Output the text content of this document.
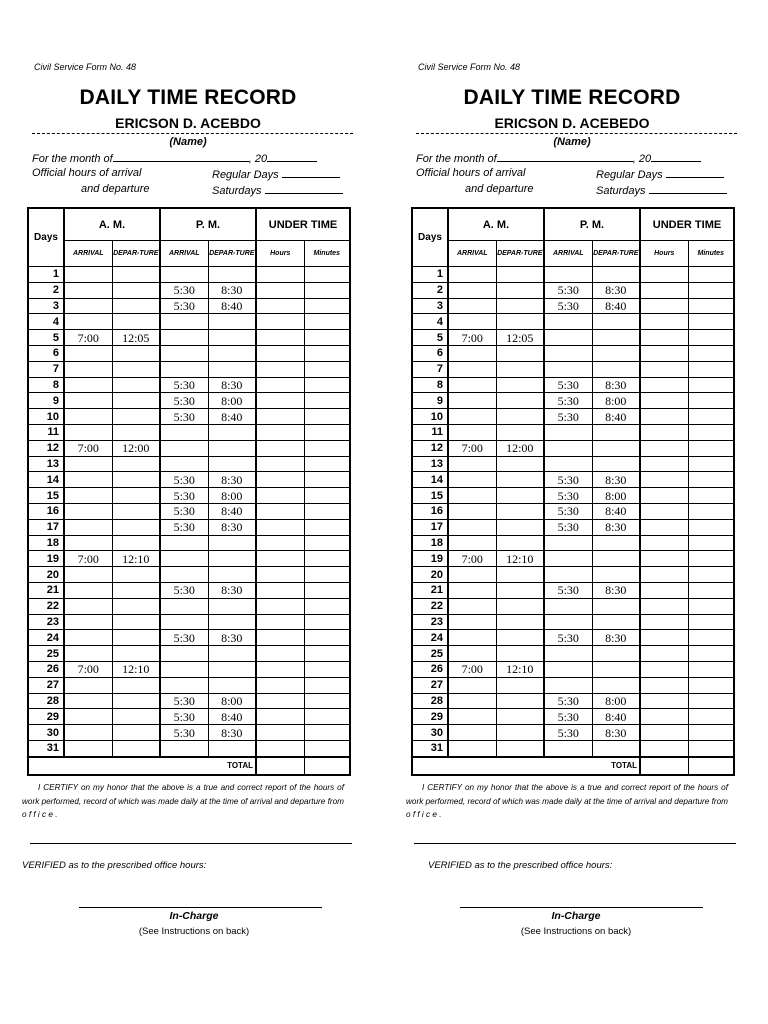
Civil Service Form No. 48
DAILY TIME RECORD
ERICSON D. ACEBDO
(Name)
For the month of	, 20
Official hours of arrival
and departure
Regular Days
Saturdays
Days	A. M.		P. M.		UNDER TIME	
	ARRIVAL	DEPAR-TURE	ARRIVAL	DEPAR-TURE	Hours	Minutes
1						
2			5:30	8:30		
3			5:30	8:40		
4						
5	7:00	12:05				
6						
7						
8			5:30	8:30		
9			5:30	8:00		
10			5:30	8:40		
11						
12	7:00	12:00				
13						
14			5:30	8:30		
15			5:30	8:00		
16			5:30	8:40		
17			5:30	8:30		
18						
19	7:00	12:10				
20						
21			5:30	8:30		
22						
23						
24			5:30	8:30		
25						
26	7:00	12:10				
27						
28			5:30	8:00		
29			5:30	8:40		
30			5:30	8:30		
31						
TOTAL						
I CERTIFY on my honor that the above is a true and correct report of the hours of work performed, record of which was made daily at the time of arrival and departure from o f f i c e .
VERIFIED as to the prescribed office hours:
In-Charge
(See Instructions on back)
Civil Service Form No. 48
DAILY TIME RECORD
ERICSON D. ACEBEDO
(Name)
For the month of	, 20
Official hours of arrival
and departure
Regular Days
Saturdays
Days	A. M.		P. M.		UNDER TIME	
	ARRIVAL	DEPAR-TURE	ARRIVAL	DEPAR-TURE	Hours	Minutes
1						
2			5:30	8:30		
3			5:30	8:40		
4						
5	7:00	12:05				
6						
7						
8			5:30	8:30		
9			5:30	8:00		
10			5:30	8:40		
11						
12	7:00	12:00				
13						
14			5:30	8:30		
15			5:30	8:00		
16			5:30	8:40		
17			5:30	8:30		
18						
19	7:00	12:10				
20						
21			5:30	8:30		
22						
23						
24			5:30	8:30		
25						
26	7:00	12:10				
27						
28			5:30	8:00		
29			5:30	8:40		
30			5:30	8:30		
31						
TOTAL						
I CERTIFY on my honor that the above is a true and correct report of the hours of work performed, record of which was made daily at the time of arrival and departure from o f f i c e .
VERIFIED as to the prescribed office hours:
In-Charge
(See Instructions on back)
